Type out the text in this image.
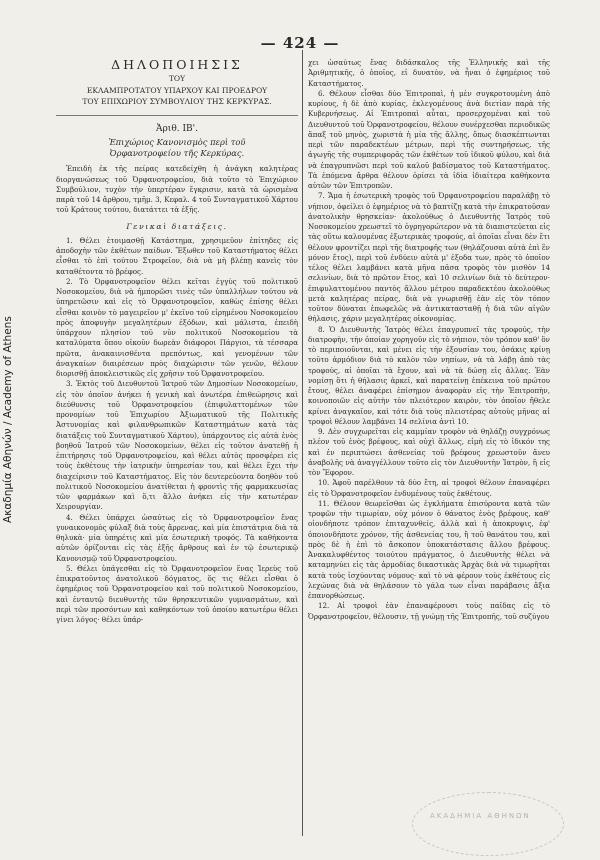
Ακαδημία Αθηνών / Academy of Athens
— 424 —
ΔΗΛΟΠΟΙΗΣΙΣ
ΤΟΥ
ΕΚΛΑΜΠΡΟΤΑΤΟΥ ΥΠΑΡΧΟΥ ΚΑΙ ΠΡΟΕΔΡΟΥ
ΤΟΥ ΕΠΙΧΩΡΙΟΥ ΣΥΜΒΟΥΛΙΟΥ ΤΗΣ ΚΕΡΚΥΡΑΣ.
Ἀριθ. ΙΒ'.
Ἐπιχώριος Κανονισμὸς περὶ τοῦ Ὀρφανοτροφείου τῆς Κερκύρας.

Ἐπειδὴ ἐκ τῆς πείρας κατεδείχθη ἡ ἀνάγκη καλητέρας διοργανώσεως τοῦ Ὀρφανοτροφείου, διὰ τοῦτο τὸ Ἐπιχώριον Συμβούλιον, τυχὸν τὴν ὑπερτέραν ἔγκρισιν, κατὰ τὰ ὡρισμένα παρὰ τοῦ 14 ἄρθρου, τμῆμ. 3, Κεφαλ. 4 τοῦ Συνταγματικοῦ Χάρτου τοῦ Κράτους τούτου, διατάττει τὰ ἑξῆς.

Γενικαὶ διατάξεις.

1. Θέλει ἑτοιμασθῇ Κατάστημα, χρησιμεῦον ἐπίτηδες εἰς ἀποδοχὴν τῶν ἐκθέτων παίδων. Ἔξωθεν τοῦ Καταστήματος θέλει εἶσθαι τὸ ἐπὶ τούτου Στροφεῖον, διὰ νὰ μὴ βλέπῃ κανεὶς τὸν καταθέτοντα τὸ βρέφος.

2. Τὸ Ὀρφανοτροφεῖον θέλει κεῖται ἐγγὺς τοῦ πολιτικοῦ Νοσοκομείου, διὰ νὰ ἠμπορῶσι τινὲς τῶν ὑπαλλήλων τούτου νὰ ὑπηρετῶσιν καὶ εἰς τὸ Ὀρφανοτροφεῖον, καθὼς ἐπίσης θέλει εἶσθαι κοινὸν τὸ μαγειρεῖον μ' ἐκεῖνο τοῦ εἰρημένου Νοσοκομείου πρὸς ἀποφυγὴν μεγαλητέρων ἐξόδων, καὶ μάλιστα, ἐπειδὴ ὑπάρχουν πλησίον τοῦ νῦν πολιτικοῦ Νοσοκομείου τὰ καταλύματα ὅπου οἰκοῦν δωρεὰν διάφοροι Πάργιοι, τὰ τέσσαρα πρῶτα, ἀνακαινισθέντα πρεπόντως, καὶ γενομένων τῶν ἀναγκαίων διαιρέσεων πρὸς διαχώρισιν τῶν γενῶν, θέλουν διορισθῇ ἀποκλειστικῶς εἰς χρῆσιν τοῦ Ὀρφανοτροφείου.

3. Ἐκτὸς τοῦ Διευθυντοῦ Ἰατροῦ τῶν Δημοσίων Νοσοκομείων, εἰς τὸν ὁποῖον ἀνήκει ἡ γενικὴ καὶ ἀνωτέρα ἐπιθεώρησις καὶ διεύθυνσις τοῦ Ὀρφανοτροφείου (ἐπιφυλαττομένων τῶν προνομίων τοῦ Ἐπιχωρίου Ἀξιωματικοῦ τῆς Πολιτικῆς Ἀστυνομίας καὶ φιλανθρωπικῶν Καταστημάτων κατὰ τὰς διατάξεις τοῦ Συνταγματικοῦ Χάρτου), ὑπάρχοντος εἰς αὐτὰ ἑνὸς βοηθοῦ Ἰατροῦ τῶν Νοσοκομείων, θέλει εἰς τοῦτον ἀνατεθῇ ἡ ἐπιτήρησις τοῦ Ὀρφανοτροφείου, καὶ θέλει αὐτὸς προσφέρει εἰς τοὺς ἐκθέτους τὴν ἰατρικὴν ὑπηρεσίαν του, καὶ θέλει ἔχει τὴν διαχείρισιν τοῦ Καταστήματος. Εἰς τὸν δευτερεύοντα δοηθὸν τοῦ πολιτικοῦ Νοσοκομείου ἀνατίθεται ἡ φροντὶς τῆς φαρμακευσίας τῶν φαρμάκων καὶ ὅ,τι ἄλλο ἀνήκει εἰς τὴν κατωτέραν Χειρουργίαν.

4. Θέλει ὑπάρχει ὡσαύτως εἰς τὸ Ὀρφανοτροφεῖον ἕνας γυναικονομὸς φύλαξ διὰ τοὺς ἄρρενας, καὶ μία ἐπιστάτρια διὰ τὰ θηλυκὰ· μία ὑπηρέτις καὶ μία ἐσωτερικὴ τροφός. Τὰ καθήκοντα αὐτῶν ὁρίζονται εἰς τὰς ἑξῆς ἄρθρους καὶ ἐν τῷ ἐσωτερικῷ Κανονισμῷ τοῦ Ὀρφανοτροφείου.

5. Θέλει ὑπάγεσθαι εἰς τὸ Ὀρφανοτροφεῖον ἕνας Ἱερεὺς τοῦ ἐπικρατοῦντος ἀνατολικοῦ δόγματος, ὅς τις θέλει εἶσθαι ὁ ἐφημέριος τοῦ Ὀρφανοτροφείου καὶ τοῦ πολιτικοῦ Νοσοκομείου, καὶ ἐνταυτῷ διευθυντὴς τῶν θρησκευτικῶν γυμνασμάτων, καὶ περὶ τῶν προσόντων καὶ καθηκόντων τοῦ ὁποίου κατωτέρω θέλει γίνει λόγος· θέλει ὑπάρ-

χει ὡσαύτως ἕνας διδάσκαλος τῆς Ἑλληνικῆς καὶ τῆς Ἀριθμητικῆς, ὁ ὁποῖος, εἰ δυνατὸν, νὰ ἦναι ὁ ἐφημέριος τοῦ Καταστήματος.

6. Θέλουν εἶσθαι δύο Ἐπιτροπαὶ, ἡ μὲν συγκροτουμένη ἀπὸ κυρίους, ἡ δὲ ἀπὸ κυρίας, ἐκλεγομένους ἀνὰ διετίαν παρὰ τῆς Κυβερνήσεως. Αἱ Ἐπιτροπαὶ αὗται, προσερχομέναι καὶ τοῦ Διευθυντοῦ τοῦ Ὀρφανοτροφείου, θέλουν συνέρχεσθαι περιοδικῶς ἅπαξ τοῦ μηνὸς, χωριστὰ ἡ μία τῆς ἄλλης, ὅπως διασκέπτωνται περὶ τῶν παραδεκτέων μέτρων, περὶ τῆς συντηρήσεως, τῆς ἀγωγῆς τῆς συμπεριφορᾶς τῶν ἐκθέτων τοῦ ἰδικοῦ φύλου, καὶ διὰ νὰ ἐπαγρυπνῶσι περὶ τοῦ καλοῦ βαδίσματος τοῦ Καταστήματος. Τὰ ἑπόμενα ἄρθρα θέλουν ὁρίσει τὰ ἰδία ἰδιαίτερα καθήκοντα αὐτῶν τῶν Ἐπιτροπῶν.

7. Ἅμα ἡ ἐσωτερικὴ τροφὸς τοῦ Ὀρφανοτροφείου παραλάβῃ τὸ νήπιον, ὀφείλει ὁ ἐφημέριος νὰ τὸ βαπτίζῃ κατὰ τὴν ἐπικρατοῦσαν ἀνατολικὴν θρησκείαν· ἀκολούθως ὁ Διευθυντὴς Ἰατρὸς τοῦ Νοσοκομείου χρεωστεῖ τὸ ὀγρηγορώτερον νὰ τὰ διαπιστεύεται εἰς τὰς οὕτω καλουμένας ἐξωτερικὰς τροφούς, αἱ ὁποῖαι εἶναι δὲν ἔτι θέλουν φροντίζει περὶ τῆς διατροφῆς των (θηλάζουσαι αὐτὰ ἐπὶ ἓν μόνον ἔτος), περὶ τοῦ ἐνδύειν αὐτὰ μ' ἐξοδα των, πρὸς τὸ ὁποῖον τέλος θέλει λαμβάνει κατὰ μῆνα πᾶσα τροφὸς τὸν μισθὸν 14 σελινίων, διὰ τὸ πρῶτον ἔτος, καὶ 10 σελινίων διὰ τὸ δεύτερον· ἐπιφυλαττομένου παντὸς ἄλλου μέτρου παραδεκτέου ἀκολούθως μετὰ καλητέρας πείρας, διὰ νὰ γνωρισθῇ ἐὰν εἰς τὸν τόπον τοῦτον δύναται ἐπωφελῶς νὰ ἀντικατασταθῇ ἡ διὰ τῶν αἰγῶν θήλασις, χάριν μεγαλητέρας οἰκονομίας.

8. Ὁ Διευθυντὴς Ἰατρὸς θέλει ἐπαγρυπνεῖ τὰς τροφούς, τὴν διατροφὴν, τὴν ὁποίαν χορηγοῦν εἰς τὸ νήπιον, τὸν τρόπον καθ' ὃν τὸ περιποιοῦνται, καὶ μένει εἰς τὴν ἐξουσίαν του, ὁσάκις κρίνῃ τοῦτο ἁρμόδιον διὰ τὸ καλὸν τῶν νηπίων, νὰ τὰ λάβῃ ἀπὸ τὰς τροφούς, αἱ ὁποῖαι τὰ ἔχουν, καὶ νὰ τὰ δώσῃ εἰς ἄλλας. Ἐὰν νομίσῃ ὅτι ἡ θήλασις ἀρκεῖ, καὶ παρατείνῃ ἐπέκεινα τοῦ πρώτου ἔτους, θέλει ἀναφέρει ἐπίσημον ἀναφορὰν εἰς τὴν Ἐπιτροπὴν, κοινοποιῶν εἰς αὐτὴν τὸν πλειότερον καιρὸν, τὸν ὁποῖον ἤθελε κρίνει ἀναγκαῖον, καὶ τότε διὰ τοὺς πλειοτέρας αὐτοὺς μῆνας αἱ τροφοὶ θέλουν λαμβάνει 14 σελίνια ἀντὶ 10.

9. Δὲν συγχωρεῖται εἰς καμμίαν τροφὸν νὰ θηλάζῃ συγχρόνως πλέον τοῦ ἑνὸς βρέφους, καὶ οὐχὶ ἄλλως, εἰμὴ εἰς τὸ ἰδικόν της καὶ ἐν περιπτώσει ἀσθενείας τοῦ βρέφους χρεωστοῦν ἄνευ ἀναβολῆς νὰ ἀναγγέλλουν τοῦτο εἰς τὸν Διευθυντὴν Ἰατρὸν, ἢ εἰς τὸν Ἔφορον.

10. Ἀφοῦ παρέλθουν τὰ δύο ἔτη, αἱ τροφοὶ θέλουν ἐπαναφέρει εἰς τὸ Ὀρφανοτροφεῖον ἐνδυμένους τοὺς ἐκθέτους.

11. Θέλουν θεωρεῖσθαι ὡς ἐγκλήματα ἐπισύροντα κατὰ τῶν τροφῶν τὴν τιμωρίαν, οὐχ μόνον ὁ θάνατος ἑνὸς βρέφους, καθ' οἱονδήποτε τρόπον ἐπιταχυνθείς, ἀλλὰ καὶ ἡ ἀποκρυψις, ἐφ' ὁποιονδήποτε χρόνον, τῆς ἀσθενείας του, ἢ τοῦ θανάτου του, καὶ πρὸς δὲ ἡ ἐπὶ τὸ ἄσκοπον ὑποκατάστασις ἄλλου βρέφους. Ἀνακαλυφθέντος τοιούτου πράγματος, ὁ Διευθυντὴς θέλει νὰ καταμηνύει εἰς τὰς ἁρμοδίας δικαστικὰς Ἀρχὰς διὰ νὰ τιμωρῆται κατὰ τοὺς ἰσχύοντας νόμους· καὶ τὸ νὰ φέρουν τοὺς ἐκθέτους εἰς λεχώνας διὰ νὰ θηλάσουν τὸ γάλα των εἶναι παράβασις ἄξια ἐπανορθώσεως.

12. Αἱ τροφοὶ ἐὰν ἐπαναφέρουσι τοὺς παῖδας εἰς τὸ Ὀρφανοτροφεῖον, θέλουσιν, τῇ γνώμῃ τῆς Ἐπιτροπῆς, τοῦ συζύγου

ΑΚΑΔΗΜΙΑ ΑΘΗΝΩΝ
